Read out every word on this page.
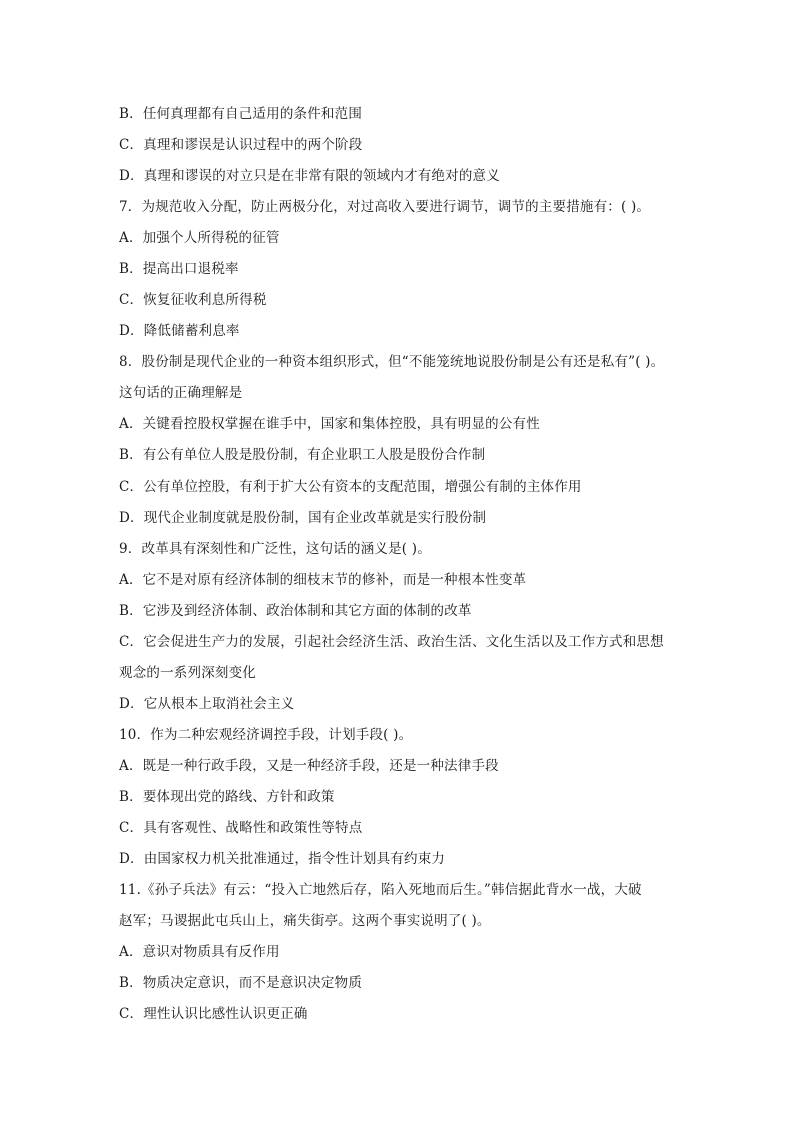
B．任何真理都有自己适用的条件和范围
C．真理和谬误是认识过程中的两个阶段
D．真理和谬误的对立只是在非常有限的领域内才有绝对的意义
7．为规范收入分配，防止两极分化，对过高收入要进行调节，调节的主要措施有：( )。
A．加强个人所得税的征管
B．提高出口退税率
C．恢复征收利息所得税
D．降低储蓄利息率
8．股份制是现代企业的一种资本组织形式，但“不能笼统地说股份制是公有还是私有”( )。
这句话的正确理解是
A．关键看控股权掌握在谁手中，国家和集体控股，具有明显的公有性
B．有公有单位人股是股份制，有企业职工人股是股份合作制
C．公有单位控股，有利于扩大公有资本的支配范围，增强公有制的主体作用
D．现代企业制度就是股份制，国有企业改革就是实行股份制
9．改革具有深刻性和广泛性，这句话的涵义是( )。
A．它不是对原有经济体制的细枝末节的修补，而是一种根本性变革
B．它涉及到经济体制、政治体制和其它方面的体制的改革
C．它会促进生产力的发展，引起社会经济生活、政治生活、文化生活以及工作方式和思想
观念的一系列深刻变化
D．它从根本上取消社会主义
10．作为二种宏观经济调控手段，计划手段( )。
A．既是一种行政手段，又是一种经济手段，还是一种法律手段
B．要体现出党的路线、方针和政策
C．具有客观性、战略性和政策性等特点
D．由国家权力机关批准通过，指令性计划具有约束力
11.《孙子兵法》有云：“投入亡地然后存，陷入死地而后生。”韩信据此背水一战，大破
赵军；马谡据此屯兵山上，痛失街亭。这两个事实说明了( )。
A．意识对物质具有反作用
B．物质决定意识，而不是意识决定物质
C．理性认识比感性认识更正确
